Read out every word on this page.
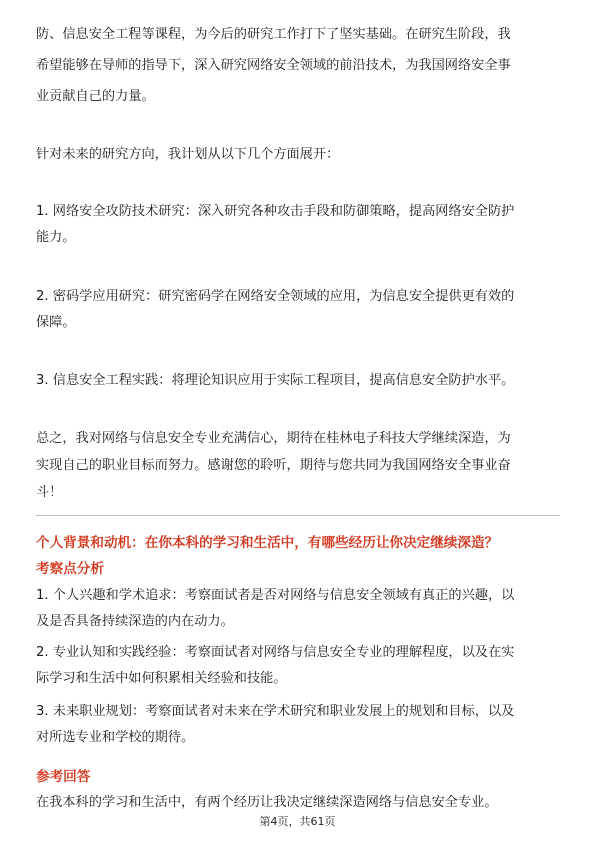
防、信息安全工程等课程，为今后的研究工作打下了坚实基础。在研究生阶段，我
希望能够在导师的指导下，深入研究网络安全领域的前沿技术，为我国网络安全事
业贡献自己的力量。
针对未来的研究方向，我计划从以下几个方面展开：
1. 网络安全攻防技术研究：深入研究各种攻击手段和防御策略，提高网络安全防护
能力。
2. 密码学应用研究：研究密码学在网络安全领域的应用，为信息安全提供更有效的
保障。
3. 信息安全工程实践：将理论知识应用于实际工程项目，提高信息安全防护水平。
总之，我对网络与信息安全专业充满信心，期待在桂林电子科技大学继续深造，为
实现自己的职业目标而努力。感谢您的聆听，期待与您共同为我国网络安全事业奋
斗！
个人背景和动机：在你本科的学习和生活中，有哪些经历让你决定继续深造？
考察点分析
1. 个人兴趣和学术追求：考察面试者是否对网络与信息安全领域有真正的兴趣，以
及是否具备持续深造的内在动力。
2. 专业认知和实践经验：考察面试者对网络与信息安全专业的理解程度，以及在实
际学习和生活中如何积累相关经验和技能。
3. 未来职业规划：考察面试者对未来在学术研究和职业发展上的规划和目标，以及
对所选专业和学校的期待。
参考回答
在我本科的学习和生活中，有两个经历让我决定继续深造网络与信息安全专业。
第4页，共61页
